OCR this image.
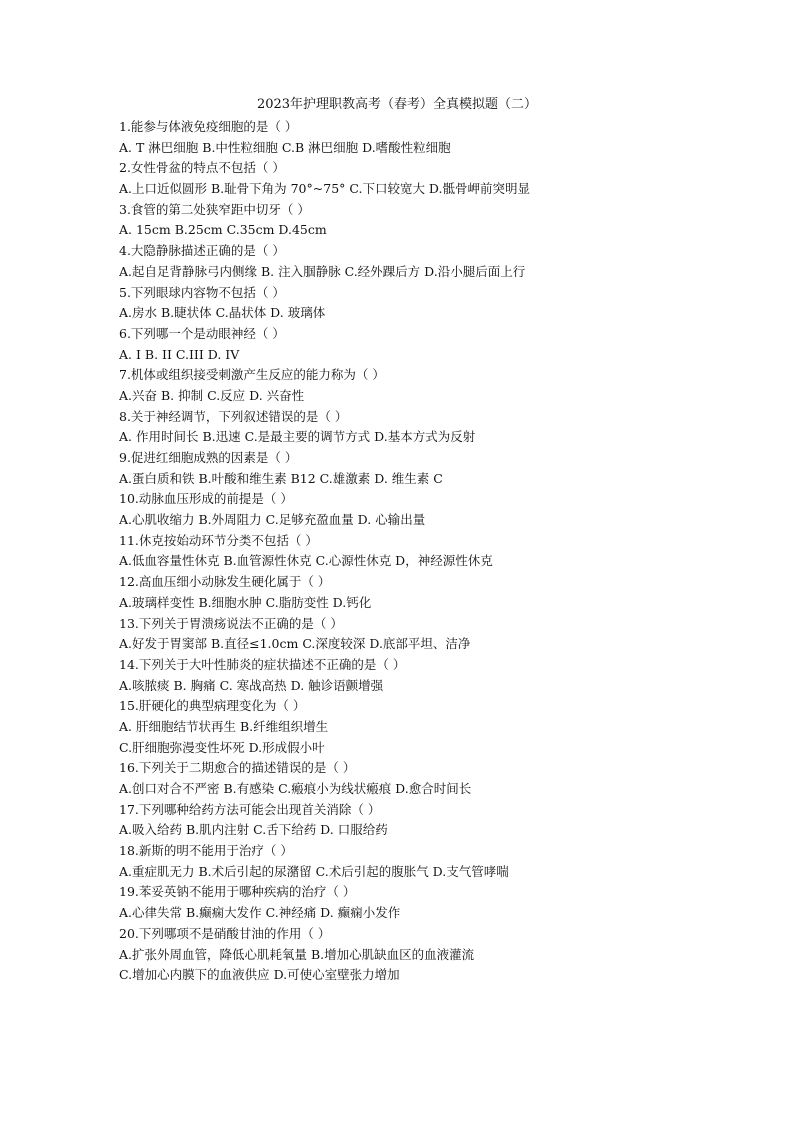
2023年护理职教高考（春考）全真模拟题（二）
1.能参与体液免疫细胞的是（ ）
A. T 淋巴细胞 B.中性粒细胞 C.B 淋巴细胞 D.嗜酸性粒细胞
2.女性骨盆的特点不包括（ ）
A.上口近似圆形 B.耻骨下角为 70°~75° C.下口较宽大 D.骶骨岬前突明显
3.食管的第二处狭窄距中切牙（ ）
A. 15cm B.25cm C.35cm D.45cm
4.大隐静脉描述正确的是（ ）
A.起自足背静脉弓内侧缘 B. 注入腘静脉 C.经外踝后方 D.沿小腿后面上行
5.下列眼球内容物不包括（ ）
A.房水 B.睫状体 C.晶状体 D. 玻璃体
6.下列哪一个是动眼神经（ ）
A. I B. II C.III D. IV
7.机体或组织接受刺激产生反应的能力称为（ ）
A.兴奋 B. 抑制 C.反应 D. 兴奋性
8.关于神经调节，下列叙述错误的是（ ）
A. 作用时间长 B.迅速 C.是最主要的调节方式 D.基本方式为反射
9.促进红细胞成熟的因素是（ ）
A.蛋白质和铁 B.叶酸和维生素 B12 C.雄激素 D. 维生素 C
10.动脉血压形成的前提是（ ）
A.心肌收缩力 B.外周阻力 C.足够充盈血量 D. 心输出量
11.休克按始动环节分类不包括（ ）
A.低血容量性休克 B.血管源性休克 C.心源性休克 D，神经源性休克
12.高血压细小动脉发生硬化属于（ ）
A.玻璃样变性 B.细胞水肿 C.脂肪变性 D.钙化
13.下列关于胃溃疡说法不正确的是（ ）
A.好发于胃窦部 B.直径≤1.0cm C.深度较深 D.底部平坦、洁净
14.下列关于大叶性肺炎的症状描述不正确的是（ ）
A.咳脓痰 B. 胸痛 C. 寒战高热 D. 触诊语颤增强
15.肝硬化的典型病理变化为（ ）
A. 肝细胞结节状再生 B.纤维组织增生
C.肝细胞弥漫变性坏死 D.形成假小叶
16.下列关于二期愈合的描述错误的是（ ）
A.创口对合不严密 B.有感染 C.瘢痕小为线状瘢痕 D.愈合时间长
17.下列哪种给药方法可能会出现首关消除（ ）
A.吸入给药 B.肌内注射 C.舌下给药 D. 口服给药
18.新斯的明不能用于治疗（ ）
A.重症肌无力 B.术后引起的尿潴留 C.术后引起的腹胀气 D.支气管哮喘
19.苯妥英钠不能用于哪种疾病的治疗（ ）
A.心律失常 B.癫痫大发作 C.神经痛 D. 癫痫小发作
20.下列哪项不是硝酸甘油的作用（ ）
A.扩张外周血管，降低心肌耗氧量 B.增加心肌缺血区的血液灌流
C.增加心内膜下的血液供应 D.可使心室壁张力增加
